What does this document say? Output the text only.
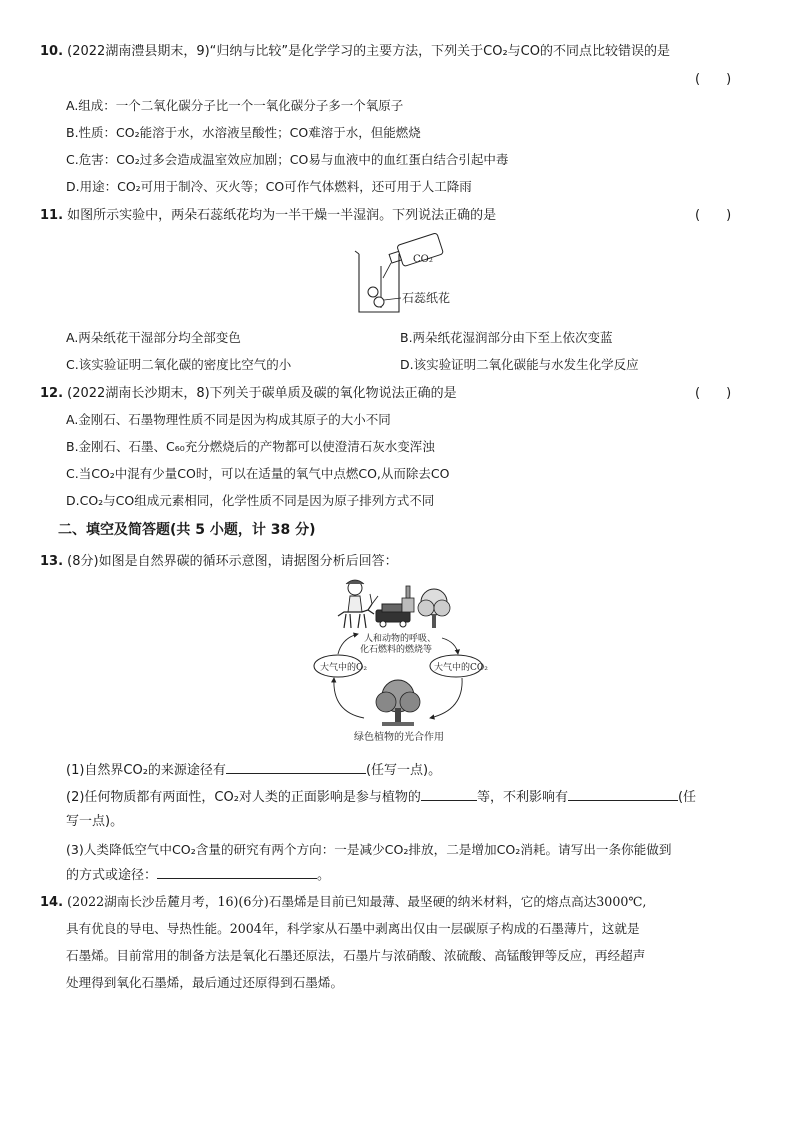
10. (2022湖南澧县期末，9)“归纳与比较”是化学学习的主要方法，下列关于CO₂与CO的不同点比较错误的是
(　　)
A.组成：一个二氧化碳分子比一个一氧化碳分子多一个氧原子
B.性质：CO₂能溶于水，水溶液呈酸性；CO难溶于水，但能燃烧
C.危害：CO₂过多会造成温室效应加剧；CO易与血液中的血红蛋白结合引起中毒
D.用途：CO₂可用于制冷、灭火等；CO可作气体燃料，还可用于人工降雨
11. 如图所示实验中，两朵石蕊纸花均为一半干燥一半湿润。下列说法正确的是	(　　)
CO₂
石蕊纸花
A.两朵纸花干湿部分均全部变色	B.两朵纸花湿润部分由下至上依次变蓝
C.该实验证明二氧化碳的密度比空气的小	D.该实验证明二氧化碳能与水发生化学反应
12. (2022湖南长沙期末，8)下列关于碳单质及碳的氧化物说法正确的是	(　　)
A.金刚石、石墨物理性质不同是因为构成其原子的大小不同
B.金刚石、石墨、C₆₀充分燃烧后的产物都可以使澄清石灰水变浑浊
C.当CO₂中混有少量CO时，可以在适量的氧气中点燃CO,从而除去CO
D.CO₂与CO组成元素相同，化学性质不同是因为原子排列方式不同
二、填空及简答题(共 5 小题，计 38 分)
13. (8分)如图是自然界碳的循环示意图，请据图分析后回答：
人和动物的呼吸、
化石燃料的燃烧等
大气中的O₂	大气中的CO₂
绿色植物的光合作用
(1)自然界CO₂的来源途径有	(任写一点)。
(2)任何物质都有两面性，CO₂对人类的正面影响是参与植物的	等，不利影响有	(任
写一点)。
(3)人类降低空气中CO₂含量的研究有两个方向：一是减少CO₂排放，二是增加CO₂消耗。请写出一条你能做到
的方式或途径：	。
14. (2022湖南长沙岳麓月考，16)(6分)石墨烯是目前已知最薄、最坚硬的纳米材料，它的熔点高达3000℃,
具有优良的导电、导热性能。2004年，科学家从石墨中剥离出仅由一层碳原子构成的石墨薄片，这就是
石墨烯。目前常用的制备方法是氧化石墨还原法，石墨片与浓硝酸、浓硫酸、高锰酸钾等反应，再经超声
处理得到氧化石墨烯，最后通过还原得到石墨烯。
